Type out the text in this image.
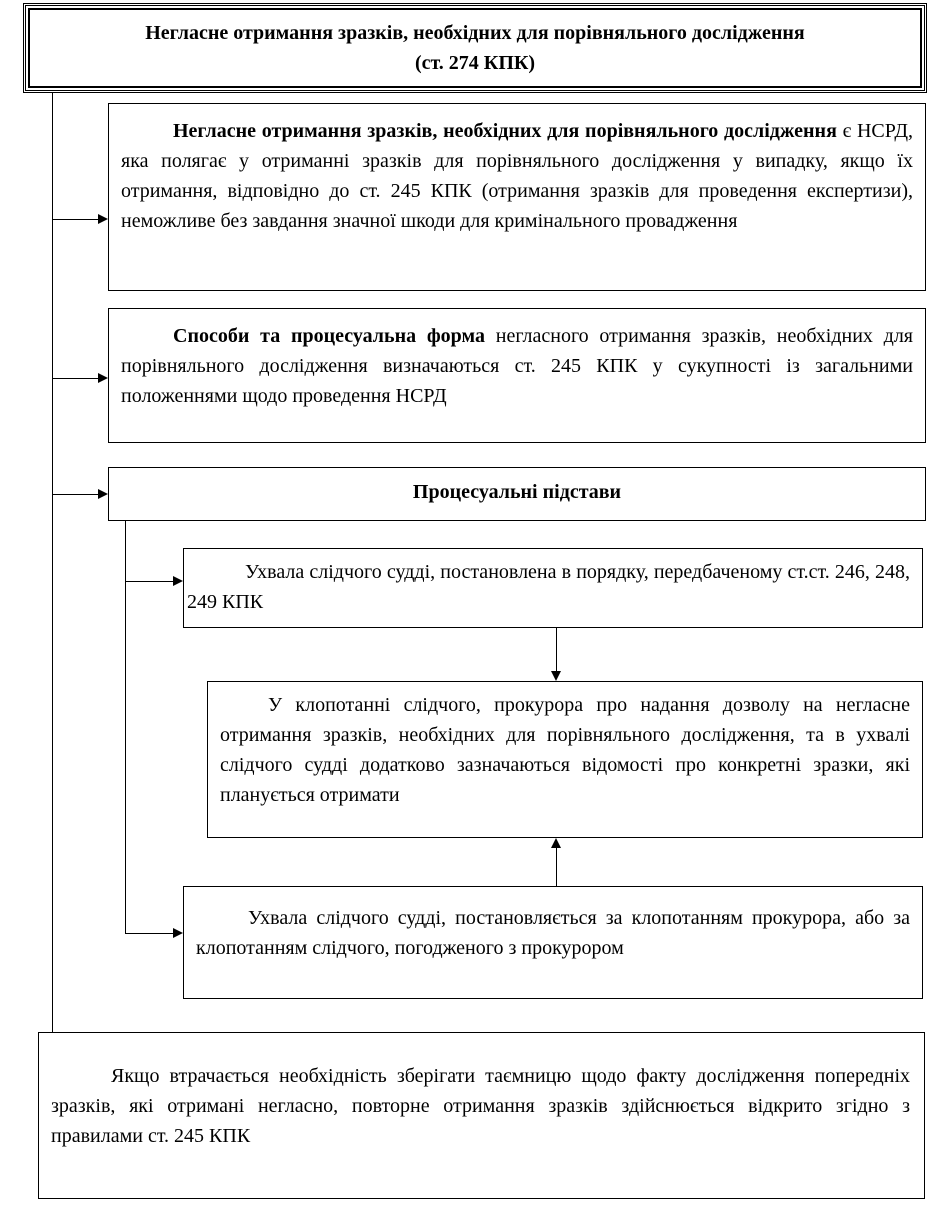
Негласне отримання зразків, необхідних для порівняльного дослідження
(ст. 274 КПК)
Негласне отримання зразків, необхідних для порівняльного дослідження є НСРД, яка полягає у отриманні зразків для порівняльного дослідження у випадку, якщо їх отримання, відповідно до ст. 245 КПК (отримання зразків для проведення експертизи), неможливе без завдання значної шкоди для кримінального провадження
Способи та процесуальна форма негласного отримання зразків, необхідних для порівняльного дослідження визначаються ст. 245 КПК у сукупності із загальними положеннями щодо проведення НСРД
Процесуальні підстави
Ухвала слідчого судді, постановлена в порядку, передбаченому ст.ст. 246, 248, 249 КПК
У клопотанні слідчого, прокурора про надання дозволу на негласне отримання зразків, необхідних для порівняльного дослідження, та в ухвалі слідчого судді додатково зазначаються відомості про конкретні зразки, які планується отримати
Ухвала слідчого судді, постановляється за клопотанням прокурора, або за клопотанням слідчого, погодженого з прокурором
Якщо втрачається необхідність зберігати таємницю щодо факту дослідження попередніх зразків, які отримані негласно, повторне отримання зразків здійснюється відкрито згідно з правилами ст. 245 КПК
